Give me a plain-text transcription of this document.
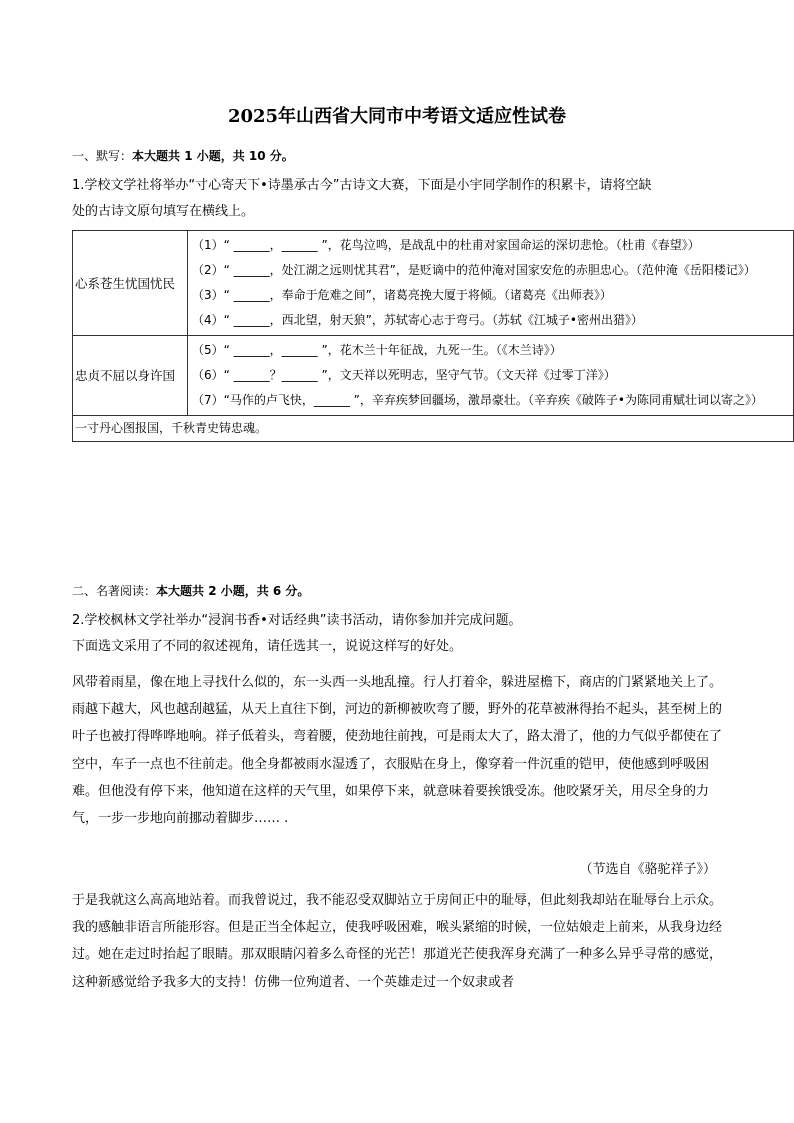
2025年山西省大同市中考语文适应性试卷
一、默写：本大题共 1 小题，共 10 分。
1.学校文学社将举办“寸心寄天下•诗墨承古今”古诗文大赛，下面是小宇同学制作的积累卡，请将空缺
处的古诗文原句填写在横线上。
心系苍生忧国忧民	（1）“ ______，______ ”，花鸟泣鸣，是战乱中的杜甫对家国命运的深切悲怆。（杜甫《春望》）
（2）“ ______，处江湖之远则忧其君”，是贬谪中的范仲淹对国家安危的赤胆忠心。（范仲淹《岳阳楼记》）
（3）“ ______，奉命于危难之间”，诸葛亮挽大厦于将倾。（诸葛亮《出师表》）
（4）“ ______，西北望，射天狼”，苏轼寄心志于弯弓。（苏轼《江城子•密州出猎》）

忠贞不屈以身许国	（5）“ ______，______ ”，花木兰十年征战，九死一生。（《木兰诗》）
（6）“ ______？______ ”，文天祥以死明志，坚守气节。（文天祥《过零丁洋》）
（7）“马作的卢飞快，______ ”，辛弃疾梦回疆场，激昂豪壮。（辛弃疾《破阵子•为陈同甫赋壮词以寄之》）

一寸丹心图报国，千秋青史铸忠魂。	
二、名著阅读：本大题共 2 小题，共 6 分。
2.学校枫林文学社举办“浸润书香•对话经典”读书活动，请你参加并完成问题。
下面选文采用了不同的叙述视角，请任选其一，说说这样写的好处。
风带着雨星，像在地上寻找什么似的，东一头西一头地乱撞。行人打着伞，躲进屋檐下，商店的门紧紧地关上了。雨越下越大，风也越刮越猛，从天上直往下倒，河边的新柳被吹弯了腰，野外的花草被淋得抬不起头，甚至树上的叶子也被打得哗哗地响。祥子低着头，弯着腰，使劲地往前拽，可是雨太大了，路太滑了，他的力气似乎都使在了空中，车子一点也不往前走。他全身都被雨水湿透了，衣服贴在身上，像穿着一件沉重的铠甲，使他感到呼吸困难。但他没有停下来，他知道在这样的天气里，如果停下来，就意味着要挨饿受冻。他咬紧牙关，用尽全身的力气，一步一步地向前挪动着脚步…… .
（节选自《骆驼祥子》）
于是我就这么高高地站着。而我曾说过，我不能忍受双脚站立于房间正中的耻辱，但此刻我却站在耻辱台上示众。我的感触非语言所能形容。但是正当全体起立，使我呼吸困难，喉头紧缩的时候，一位姑娘走上前来，从我身边经过。她在走过时抬起了眼睛。那双眼睛闪着多么奇怪的光芒！那道光芒使我浑身充满了一种多么异乎寻常的感觉，这种新感觉给予我多大的支持！仿佛一位殉道者、一个英雄走过一个奴隶或者
